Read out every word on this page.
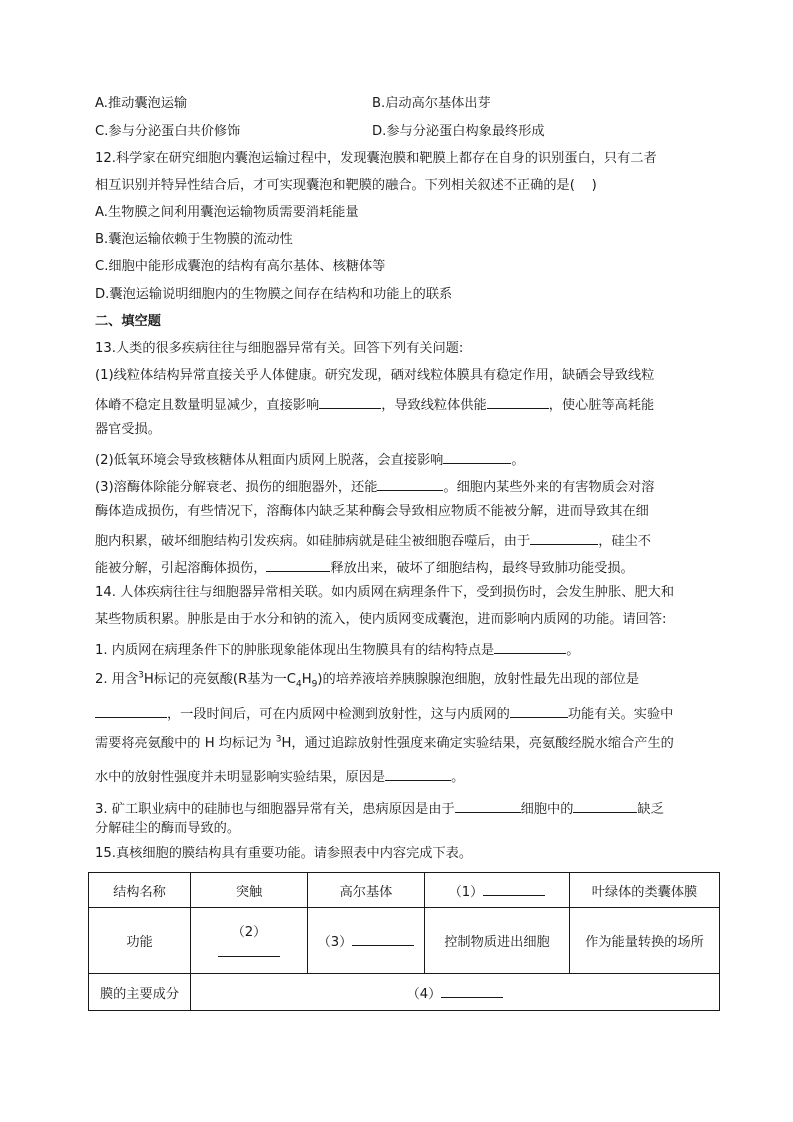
A.推动囊泡运输	B.启动高尔基体出芽
C.参与分泌蛋白共价修饰	D.参与分泌蛋白构象最终形成
12.科学家在研究细胞内囊泡运输过程中，发现囊泡膜和靶膜上都存在自身的识别蛋白，只有二者
相互识别并特异性结合后，才可实现囊泡和靶膜的融合。下列相关叙述不正确的是(    )
A.生物膜之间利用囊泡运输物质需要消耗能量
B.囊泡运输依赖于生物膜的流动性
C.细胞中能形成囊泡的结构有高尔基体、核糖体等
D.囊泡运输说明细胞内的生物膜之间存在结构和功能上的联系
二、填空题
13.人类的很多疾病往往与细胞器异常有关。回答下列有关问题:
(1)线粒体结构异常直接关乎人体健康。研究发现，硒对线粒体膜具有稳定作用，缺硒会导致线粒
体嵴不稳定且数量明显减少，直接影响	，导致线粒体供能	，使心脏等高耗能
器官受损。
(2)低氧环境会导致核糖体从粗面内质网上脱落，会直接影响	。
(3)溶酶体除能分解衰老、损伤的细胞器外，还能	。细胞内某些外来的有害物质会对溶
酶体造成损伤，有些情况下，溶酶体内缺乏某种酶会导致相应物质不能被分解，进而导致其在细
胞内积累，破坏细胞结构引发疾病。如硅肺病就是硅尘被细胞吞噬后，由于	，硅尘不
能被分解，引起溶酶体损伤，	释放出来，破坏了细胞结构，最终导致肺功能受损。
14. 人体疾病往往与细胞器异常相关联。如内质网在病理条件下，受到损伤时，会发生肿胀、肥大和
某些物质积累。肿胀是由于水分和钠的流入，使内质网变成囊泡，进而影响内质网的功能。请回答:
1. 内质网在病理条件下的肿胀现象能体现出生物膜具有的结构特点是	。
2. 用含$^3$H标记的亮氨酸(R基为一$C_4H_9$)的培养液培养胰腺腺泡细胞，放射性最先出现的部位是
，一段时间后，可在内质网中检测到放射性，这与内质网的	功能有关。实验中
需要将亮氨酸中的 H 均标记为 $^3$H，通过追踪放射性强度来确定实验结果，亮氨酸经脱水缩合产生的
水中的放射性强度并未明显影响实验结果，原因是	。
3. 矿工职业病中的硅肺也与细胞器异常有关，患病原因是由于	细胞中的	缺乏
分解硅尘的酶而导致的。
15.真核细胞的膜结构具有重要功能。请参照表中内容完成下表。
结构名称	突触	高尔基体	（1）	叶绿体的类囊体膜
功能	（2）	（3）	控制物质进出细胞	作为能量转换的场所
膜的主要成分	（4）			
